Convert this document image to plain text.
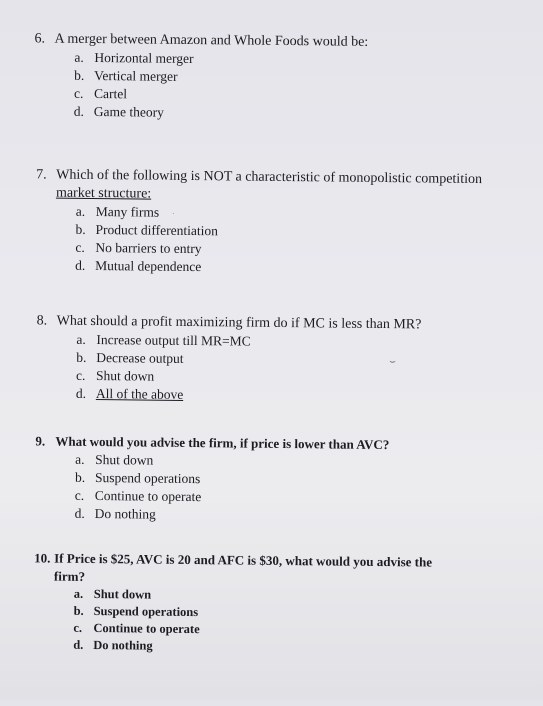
6. A merger between Amazon and Whole Foods would be:
a. Horizontal merger
b. Vertical merger
c. Cartel
d. Game theory
7. Which of the following is NOT a characteristic of monopolistic competition
market structure:
a. Many firms
b. Product differentiation
c. No barriers to entry
d. Mutual dependence
8. What should a profit maximizing firm do if MC is less than MR?
a. Increase output till MR=MC
b. Decrease output
c. Shut down
d. All of the above
9. What would you advise the firm, if price is lower than AVC?
a. Shut down
b. Suspend operations
c. Continue to operate
d. Do nothing
10. If Price is $25, AVC is 20 and AFC is $30, what would you advise the
firm?
a. Shut down
b. Suspend operations
c. Continue to operate
d. Do nothing
⌣
·
